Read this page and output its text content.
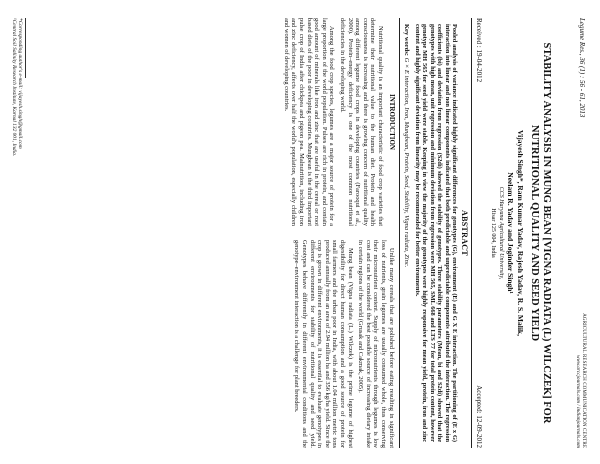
Legume Res., 36 (1) : 56 - 61, 2013
AGRICULTURAL RESEARCH COMMUNICATION CENTRE
www.arccjournals.com / indianjournals.com
STABILITY ANALYSIS IN MUNG BEAN [VIGNA RADIATA (L) WILCZEK] FOR NUTRITIONAL QUALITY AND SEED YIELD
Vijayesh Singh*, Ram Kumar Yadav, Rajesh Yadav, R. S. Malik,
Neelam R. Yadav and Joginder Singh¹
CCS Haryana Agricultural University,
Hisar 125 004, India
Received : 19-04-2012
Accepted: 12-09-2012
ABSTRACT
Pooled analysis of variance indicated highly significant differences for genotypes (G), environment (E) and G X E interaction. The partitioning of (E x G) interaction into linear and non linear components indicated that both predictable and unpredictable components attributed the interaction. The regression coefficients (bi) and deviation from regression (S2di) showed the stability of genotypes. Three stability parameters (Mean, bi and S2di) showed that the genotypes with high mean, unit regression and minimum deviation from regression were MH 565, SML 668 and LTS 77 for total protein content, however genotype MH 565 for seed yield were stable. Keeping in view the majority of the genotypes were highly responsive for mean yield, protein, iron and zinc content and highly significant deviation from linearity may be recommended for better environments.
Key words: G × E interaction, Iron, Mungbean, Protein, Seed, Stability, Vigna radiata, Zinc.
INTRODUCTION

Nutritional quality is an important characteristic of food crop varieties that determine their nutritional value to the human diet. Protein and health consciousness is increasing and there is growing concern of nutritional quality among different legume food crops in developing countries (Farooqui et al., 2000). Protein–energy deficiency is one of the most common nutritional deficiencies in the developing world.

Among the food crop species, legumes are a major source of protein for a large proportion of the world population. Pulses are rich in protein, and contain good amount of minerals like iron and zinc that are useful in the cereal or root based diets of the poor in developing countries. Mungbean is the third important pulse crop of India after chickpea and pigeon pea. Malnutrition, including iron and zinc deficiency, affects over half the world's population, especially children and women of developing countries.

Unlike many cereals that are polished before eating resulting in significant loss of nutrients, grain legumes are usually consumed whole, thus conserving their micronutrient content. Supply of micronutrients through legumes is low cost and can be considered the best possible source of increasing dietary intake in certain regions of the world (Grusak and Cakmak, 2005).

Mung bean (Vigna radiata (L.) Wilczek) is the prime legume of highest digestibility for direct human consumption and a good source of protein for small farmers and the urban poor in India, with about 1.04 million metric tons produced annually from an area of 2.94 million ha and 356 kg/ha yield. Since the crop is grown in different environments, it is essential to evaluate genotypes in different environments for stability of nutritional quality and seed yield. Genotypes behave differently in different environmental conditions and the genotype–environment interaction is a challenge for plant breeders.

*Corresponding author's e-mail: vijayesh.singh@gmail.com
¹Central Soil Salinity Research Institute, Karnal 132 001, India.
